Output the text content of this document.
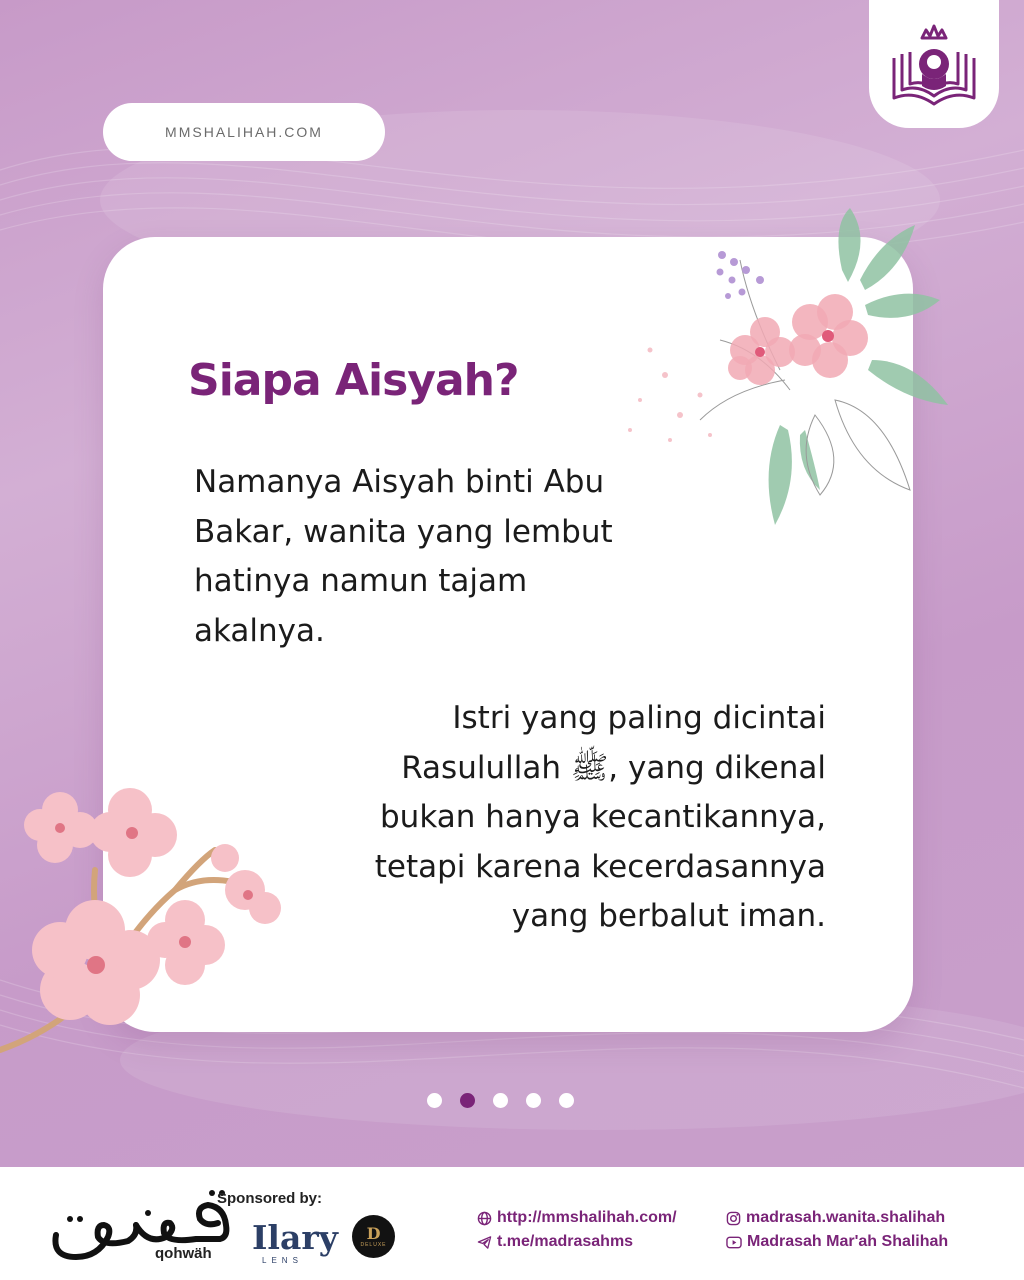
MMSHALIHAH.COM
Siapa Aisyah?

Namanya Aisyah binti Abu
Bakar, wanita yang lembut
hatinya namun tajam
akalnya.

Istri yang paling dicintai
Rasulullah ﷺ, yang dikenal
bukan hanya kecantikannya,
tetapi karena kecerdasannya
yang berbalut iman.

qohwäh
Sponsored by:
Ilary
LENS
D
DELUXE
http://mmshalihah.com/
t.me/madrasahms
madrasah.wanita.shalihah
Madrasah Mar'ah Shalihah
